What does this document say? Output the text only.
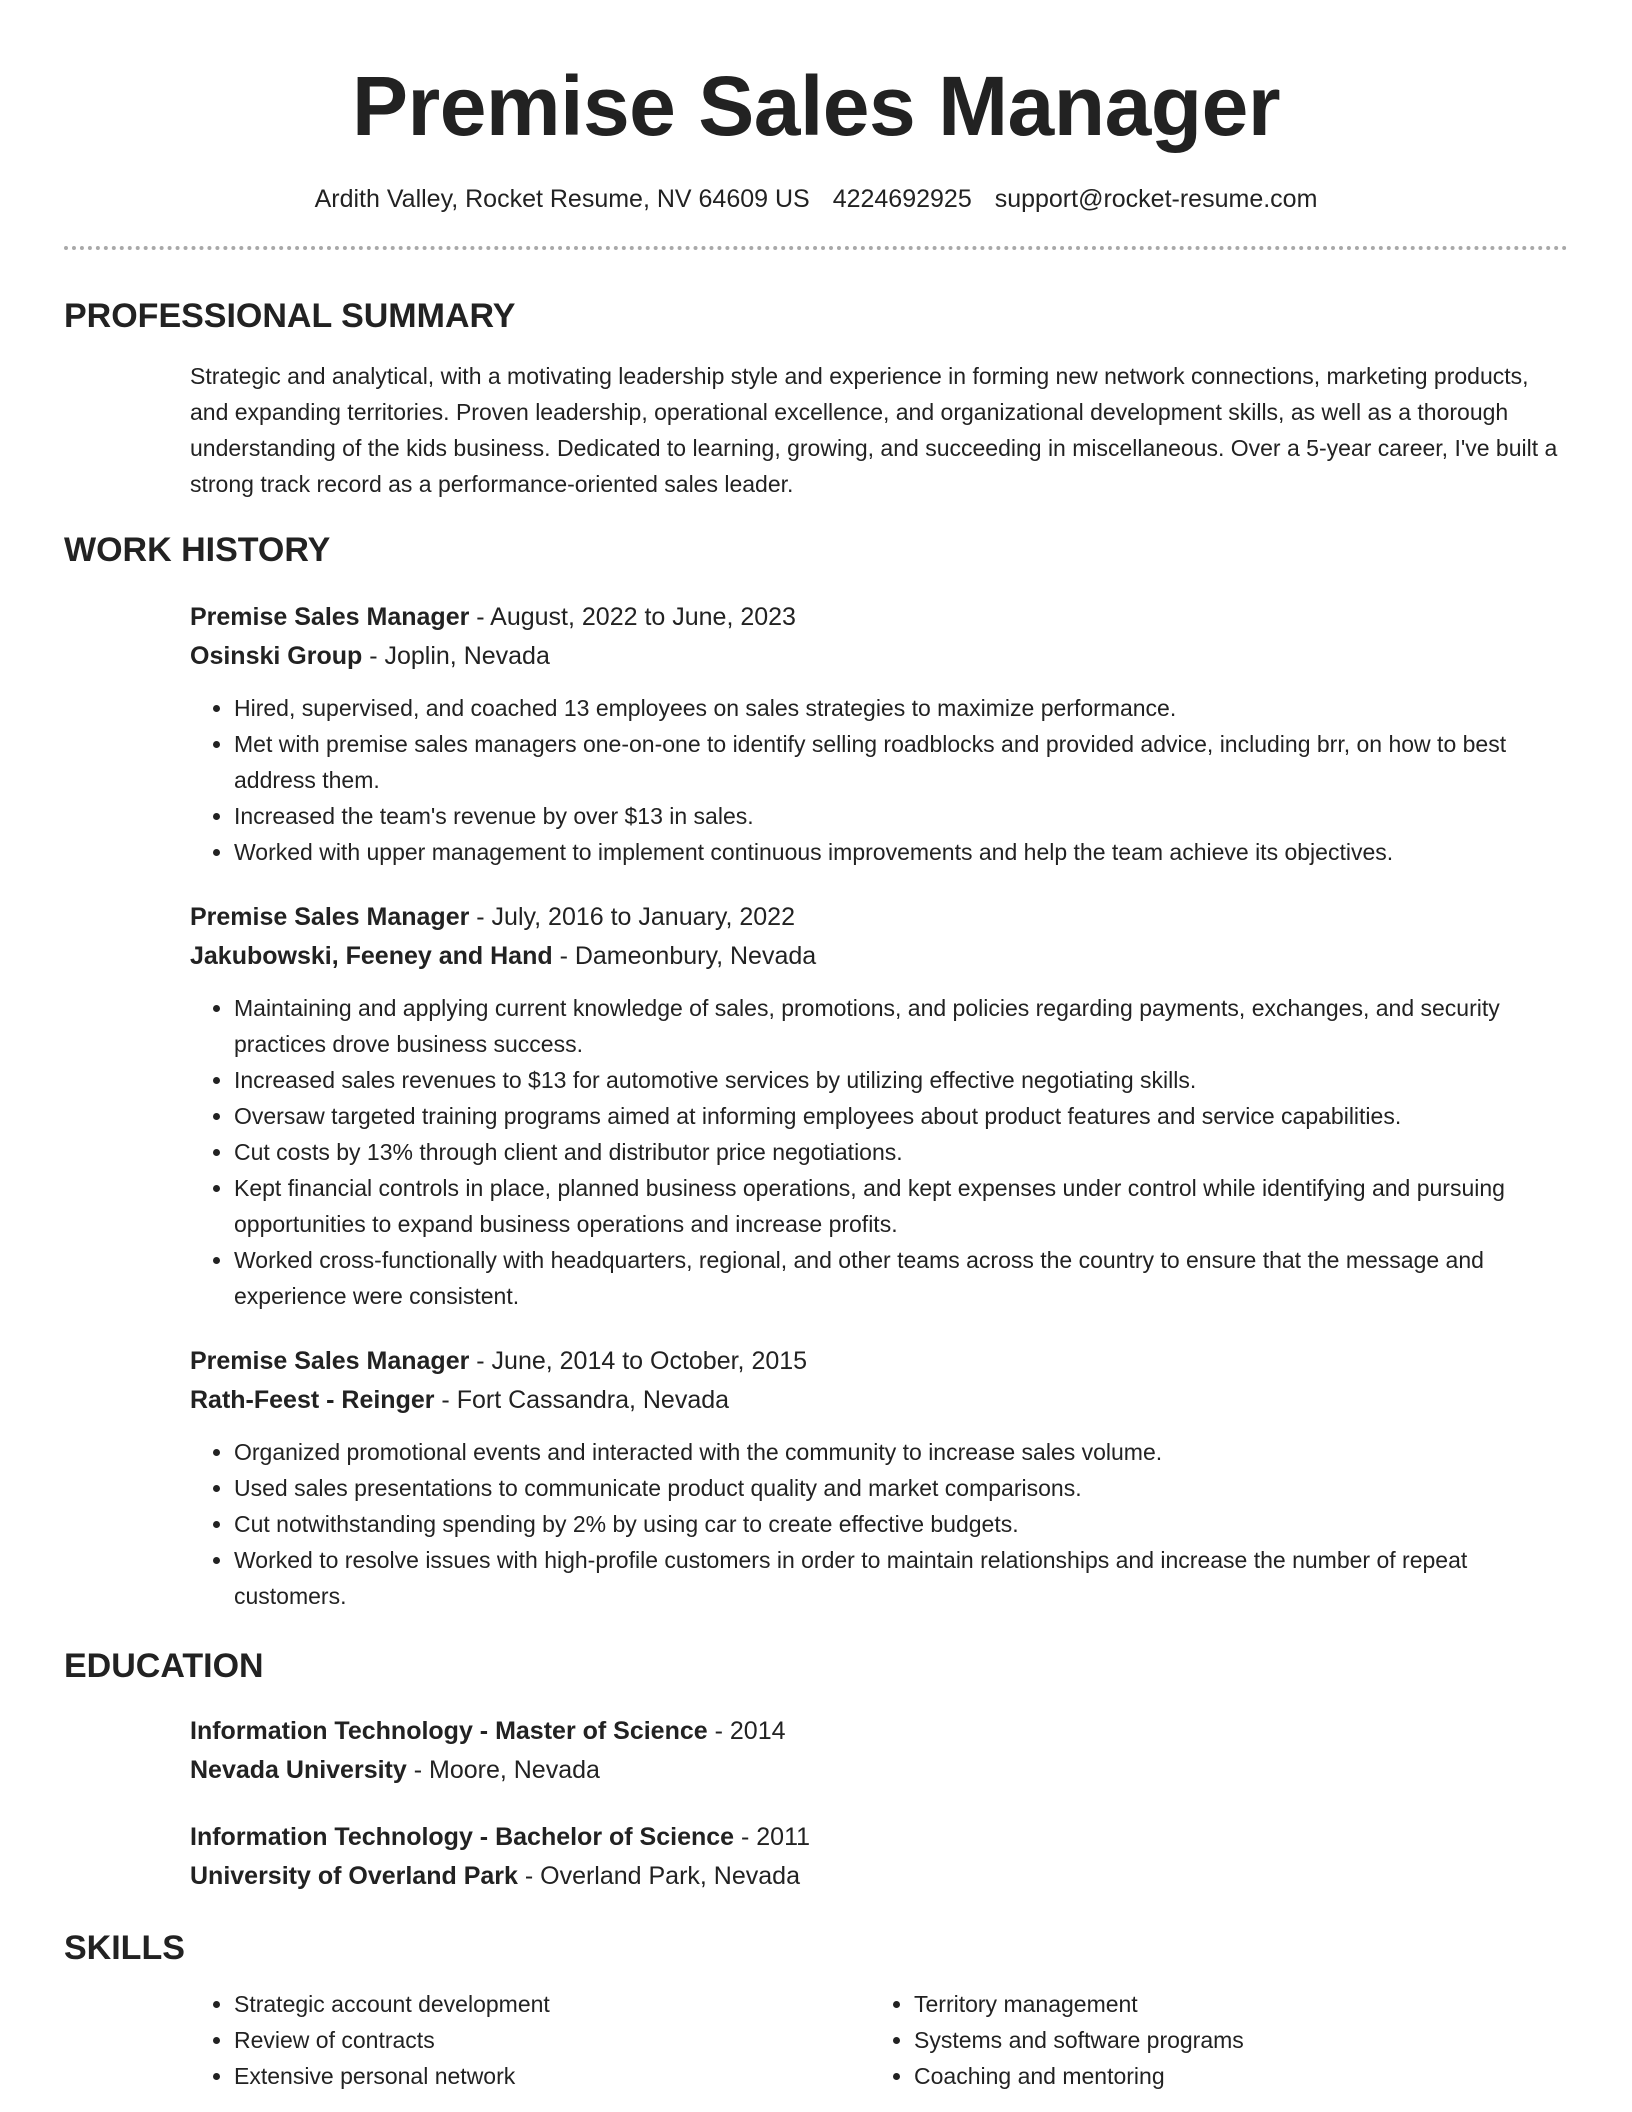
Premise Sales Manager
Ardith Valley, Rocket Resume, NV 64609 US 4224692925 support@rocket-resume.com
PROFESSIONAL SUMMARY
Strategic and analytical, with a motivating leadership style and experience in forming new network connections, marketing products, and expanding territories. Proven leadership, operational excellence, and organizational development skills, as well as a thorough understanding of the kids business. Dedicated to learning, growing, and succeeding in miscellaneous. Over a 5-year career, I've built a strong track record as a performance-oriented sales leader.
WORK HISTORY
Premise Sales Manager - August, 2022 to June, 2023
Osinski Group - Joplin, Nevada
• Hired, supervised, and coached 13 employees on sales strategies to maximize performance.
• Met with premise sales managers one-on-one to identify selling roadblocks and provided advice, including brr, on how to best address them.
• Increased the team's revenue by over $13 in sales.
• Worked with upper management to implement continuous improvements and help the team achieve its objectives.
Premise Sales Manager - July, 2016 to January, 2022
Jakubowski, Feeney and Hand - Dameonbury, Nevada
• Maintaining and applying current knowledge of sales, promotions, and policies regarding payments, exchanges, and security practices drove business success.
• Increased sales revenues to $13 for automotive services by utilizing effective negotiating skills.
• Oversaw targeted training programs aimed at informing employees about product features and service capabilities.
• Cut costs by 13% through client and distributor price negotiations.
• Kept financial controls in place, planned business operations, and kept expenses under control while identifying and pursuing opportunities to expand business operations and increase profits.
• Worked cross-functionally with headquarters, regional, and other teams across the country to ensure that the message and experience were consistent.
Premise Sales Manager - June, 2014 to October, 2015
Rath-Feest - Reinger - Fort Cassandra, Nevada
• Organized promotional events and interacted with the community to increase sales volume.
• Used sales presentations to communicate product quality and market comparisons.
• Cut notwithstanding spending by 2% by using car to create effective budgets.
• Worked to resolve issues with high-profile customers in order to maintain relationships and increase the number of repeat customers.
EDUCATION
Information Technology - Master of Science - 2014
Nevada University - Moore, Nevada
Information Technology - Bachelor of Science - 2011
University of Overland Park - Overland Park, Nevada
SKILLS
• Strategic account development
• Review of contracts
• Extensive personal network
• Territory management
• Systems and software programs
• Coaching and mentoring
